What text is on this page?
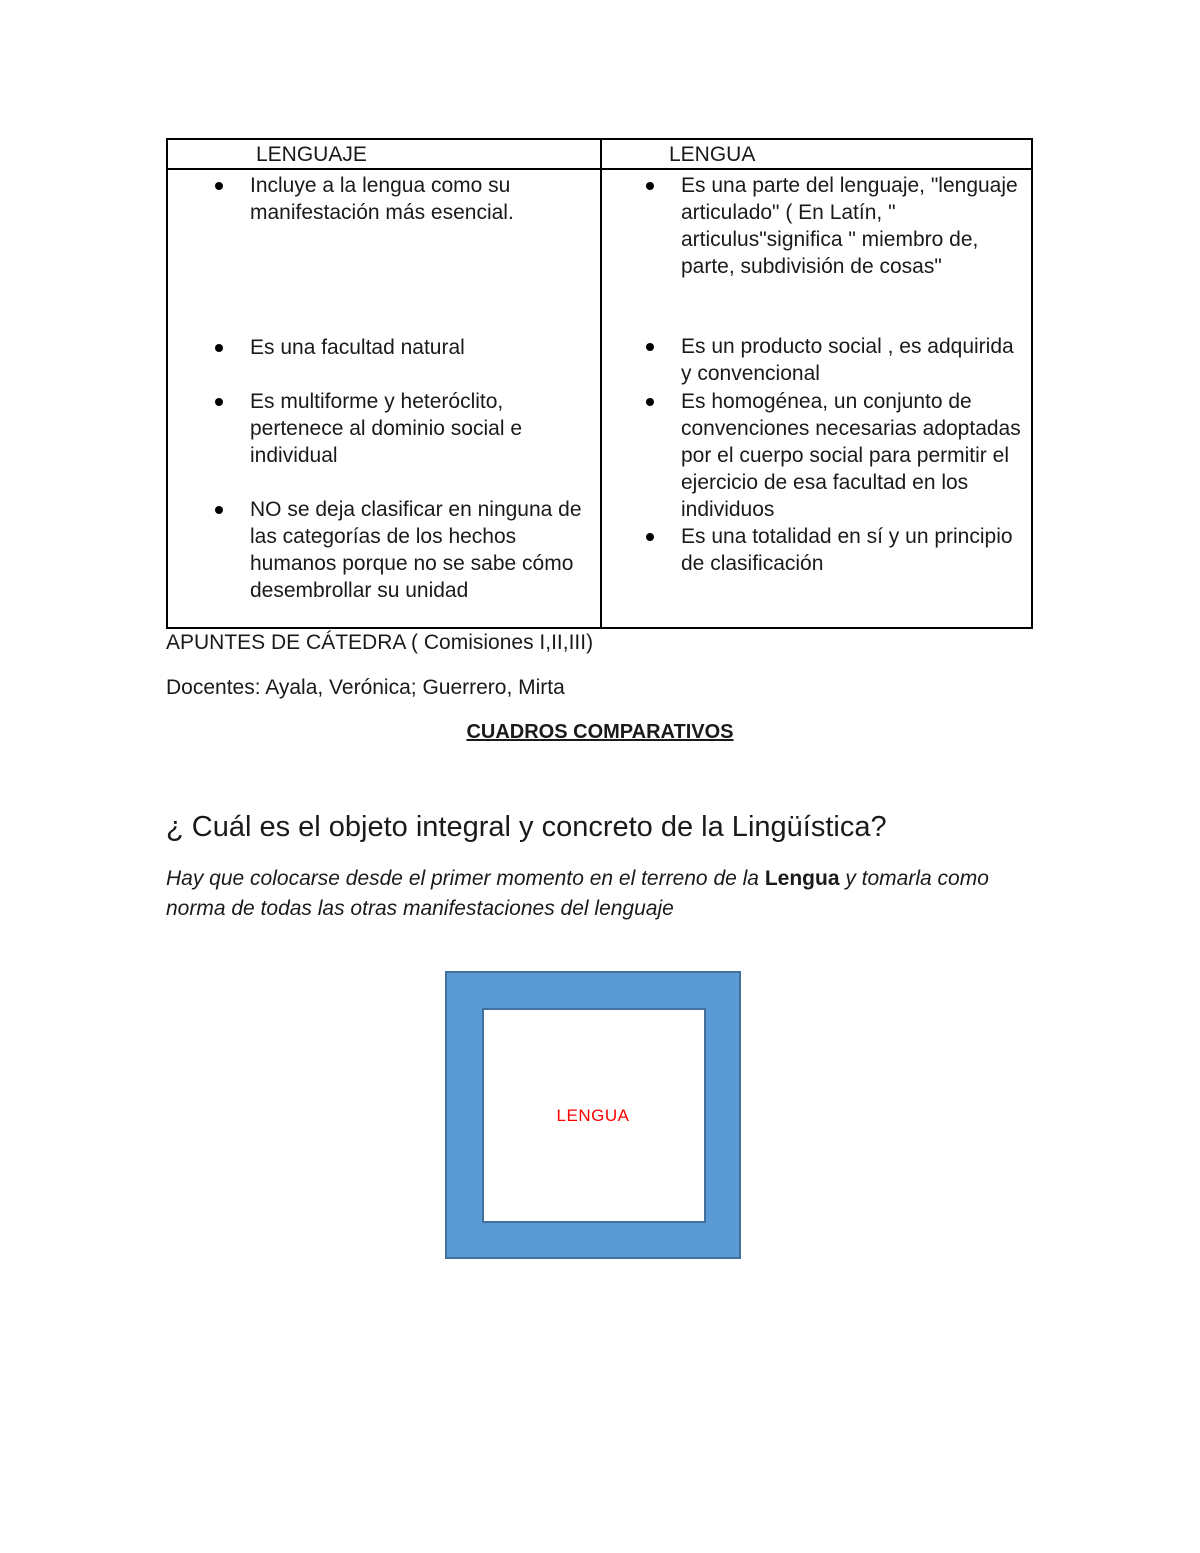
LENGUAJE	LENGUA
Incluye a la lengua como su manifestación más esencial.
Es una facultad natural
Es multiforme y heteróclito, pertenece al dominio social e individual
NO se deja clasificar en ninguna de las categorías de los hechos humanos porque no se sabe cómo desembrollar su unidad
Es una parte del lenguaje, "lenguaje articulado" ( En Latín, " articulus"significa " miembro de, parte, subdivisión de cosas"
Es un producto social , es adquirida y convencional
Es homogénea, un conjunto de convenciones necesarias adoptadas por el cuerpo social para permitir el ejercicio de esa facultad en los individuos
Es una totalidad en sí y un principio de clasificación
APUNTES DE CÁTEDRA ( Comisiones I,II,III)
Docentes: Ayala, Verónica; Guerrero, Mirta
CUADROS COMPARATIVOS
¿ Cuál es el objeto integral y concreto de la Lingüística?
Hay que colocarse desde el primer momento en el terreno de la Lengua y tomarla como norma de todas las otras manifestaciones del lenguaje
LENGUA
